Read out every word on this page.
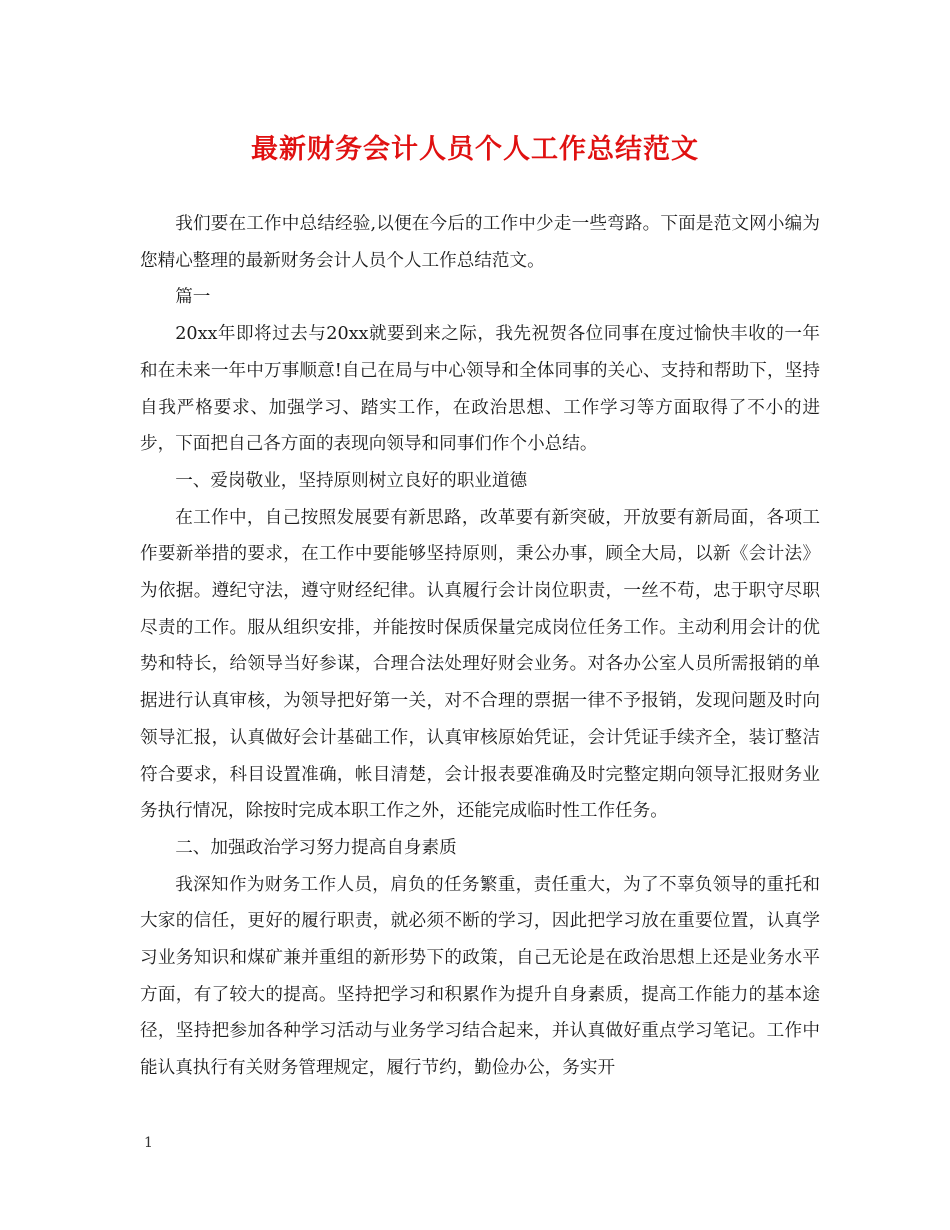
最新财务会计人员个人工作总结范文

我们要在工作中总结经验,以便在今后的工作中少走一些弯路。下面是范文网小编为您精心整理的最新财务会计人员个人工作总结范文。

篇一

20xx年即将过去与20xx就要到来之际，我先祝贺各位同事在度过愉快丰收的一年和在未来一年中万事顺意!自己在局与中心领导和全体同事的关心、支持和帮助下，坚持自我严格要求、加强学习、踏实工作，在政治思想、工作学习等方面取得了不小的进步，下面把自己各方面的表现向领导和同事们作个小总结。

一、爱岗敬业，坚持原则树立良好的职业道德

在工作中，自己按照发展要有新思路，改革要有新突破，开放要有新局面，各项工作要新举措的要求，在工作中要能够坚持原则，秉公办事，顾全大局，以新《会计法》为依据。遵纪守法，遵守财经纪律。认真履行会计岗位职责，一丝不苟，忠于职守尽职尽责的工作。服从组织安排，并能按时保质保量完成岗位任务工作。主动利用会计的优势和特长，给领导当好参谋，合理合法处理好财会业务。对各办公室人员所需报销的单据进行认真审核，为领导把好第一关，对不合理的票据一律不予报销，发现问题及时向领导汇报，认真做好会计基础工作，认真审核原始凭证，会计凭证手续齐全，装订整洁符合要求，科目设置准确，帐目清楚，会计报表要准确及时完整定期向领导汇报财务业务执行情况，除按时完成本职工作之外，还能完成临时性工作任务。

二、加强政治学习努力提高自身素质

我深知作为财务工作人员，肩负的任务繁重，责任重大，为了不辜负领导的重托和大家的信任，更好的履行职责，就必须不断的学习，因此把学习放在重要位置，认真学习业务知识和煤矿兼并重组的新形势下的政策，自己无论是在政治思想上还是业务水平方面，有了较大的提高。坚持把学习和积累作为提升自身素质，提高工作能力的基本途径，坚持把参加各种学习活动与业务学习结合起来，并认真做好重点学习笔记。工作中能认真执行有关财务管理规定，履行节约，勤俭办公，务实开

1
